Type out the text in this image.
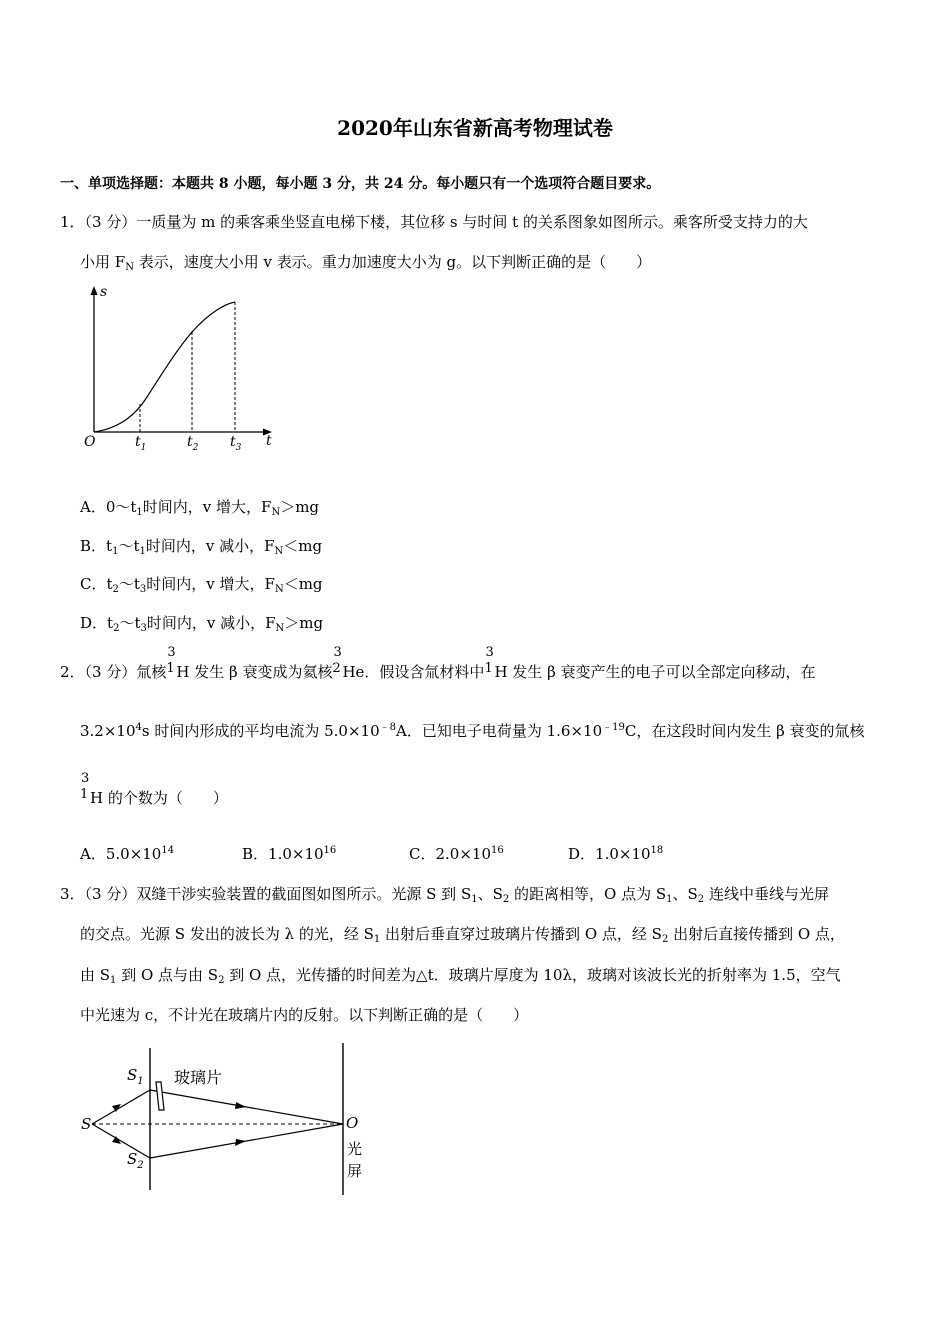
2020年山东省新高考物理试卷
一、单项选择题：本题共 8 小题，每小题 3 分，共 24 分。每小题只有一个选项符合题目要求。
1．（3 分）一质量为 m 的乘客乘坐竖直电梯下楼，其位移 s 与时间 t 的关系图象如图所示。乘客所受支持力的大
小用 $F_N$ 表示，速度大小用 v 表示。重力加速度大小为 g。以下判断正确的是（　　）
s
t
O	$t_1$	$t_2$ $t_3$
A．$0\sim t_1$时间内，v 增大，$F_N>mg$
B．$t_1\sim t_1$时间内，v 减小，$F_N<mg$
C．$t_2\sim t_3$时间内，v 增大，$F_N<mg$
D．$t_2\sim t_3$时间内，v 减小，$F_N>mg$
2．（3 分）氚核
3
1 H 发生 β 衰变成为氦核
3
2 He．假设含氚材料中
3
1 H 发生 β 衰变产生的电子可以全部定向移动，在
$3.2\times 10^4s$ 时间内形成的平均电流为 $5.0\times 10^{﹣8}A$．已知电子电荷量为 $1.6\times 10^{﹣19}C$，在这段时间内发生 β 衰变的氚核
3
1 H 的个数为（　　）
A．$5.0\times 10^{14}$	B．$1.0\times 10^{16}$	C．$2.0\times 10^{16}$	D．$1.0\times 10^{18}$
3．（3 分）双缝干涉实验装置的截面图如图所示。光源 S 到 $S_1$、$S_2$ 的距离相等，O 点为 $S_1$、$S_2$ 连线中垂线与光屏
的交点。光源 S 发出的波长为 λ 的光，经 $S_1$ 出射后垂直穿过玻璃片传播到 O 点，经 $S_2$ 出射后直接传播到 O 点，
由 $S_1$ 到 O 点与由 $S_2$ 到 O 点，光传播的时间差为△t．玻璃片厚度为 10λ，玻璃对该波长光的折射率为 1.5，空气
中光速为 c，不计光在玻璃片内的反射。以下判断正确的是（　　）
S
$S_1$
$S_2$
玻璃片
O
光
屏
